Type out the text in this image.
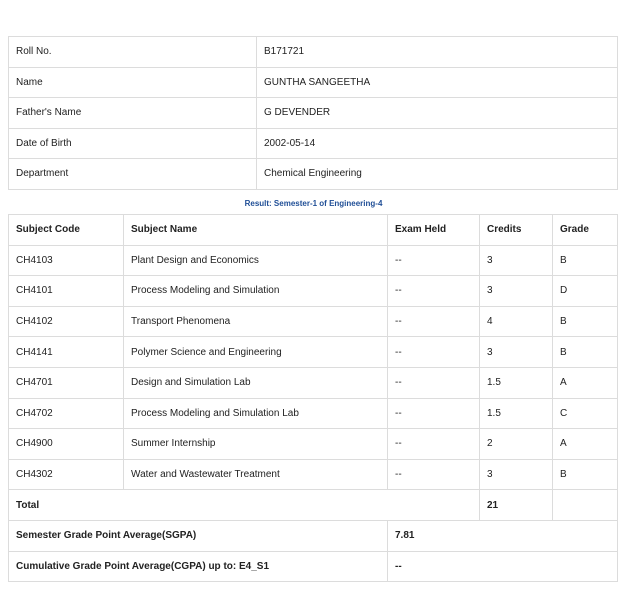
Roll No.	B171721
Name	GUNTHA SANGEETHA
Father's Name	G DEVENDER
Date of Birth	2002-05-14
Department	Chemical Engineering
Result: Semester-1 of Engineering-4
Subject Code	Subject Name	Exam Held	Credits	Grade
CH4103	Plant Design and Economics	--	3	B
CH4101	Process Modeling and Simulation	--	3	D
CH4102	Transport Phenomena	--	4	B
CH4141	Polymer Science and Engineering	--	3	B
CH4701	Design and Simulation Lab	--	1.5	A
CH4702	Process Modeling and Simulation Lab	--	1.5	C
CH4900	Summer Internship	--	2	A
CH4302	Water and Wastewater Treatment	--	3	B
Total			21	
Semester Grade Point Average(SGPA)		7.81		
Cumulative Grade Point Average(CGPA) up to: E4_S1		--		
